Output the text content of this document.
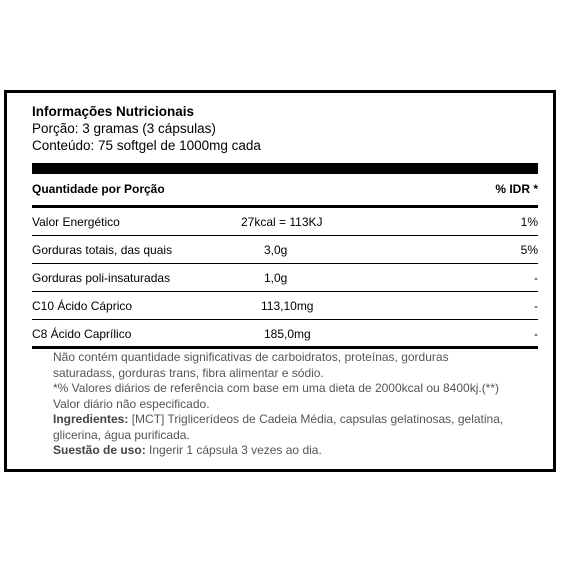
Informações Nutricionais
Porção: 3 gramas (3 cápsulas)
Conteúdo: 75 softgel de 1000mg cada
Quantidade por Porção	% IDR *
Valor Energético	27kcal = 113KJ	1%
Gorduras totais, das quais	3,0g	5%
Gorduras poli-insaturadas	1,0g	-
C10 Ácido Cáprico	113,10mg	-
C8 Ácido Caprílico	185,0mg	-

Não contém quantidade significativas de carboidratos, proteínas, gorduras saturadass, gorduras trans, fibra alimentar e sódio.

*% Valores diários de referência com base em uma dieta de 2000kcal ou 8400kj.(**) Valor diário não especificado.

Ingredientes: [MCT] Triglicerídeos de Cadeia Média, capsulas gelatinosas, gelatina, glicerina, água purificada.

Suestão de uso: Ingerir 1 cápsula 3 vezes ao dia.
